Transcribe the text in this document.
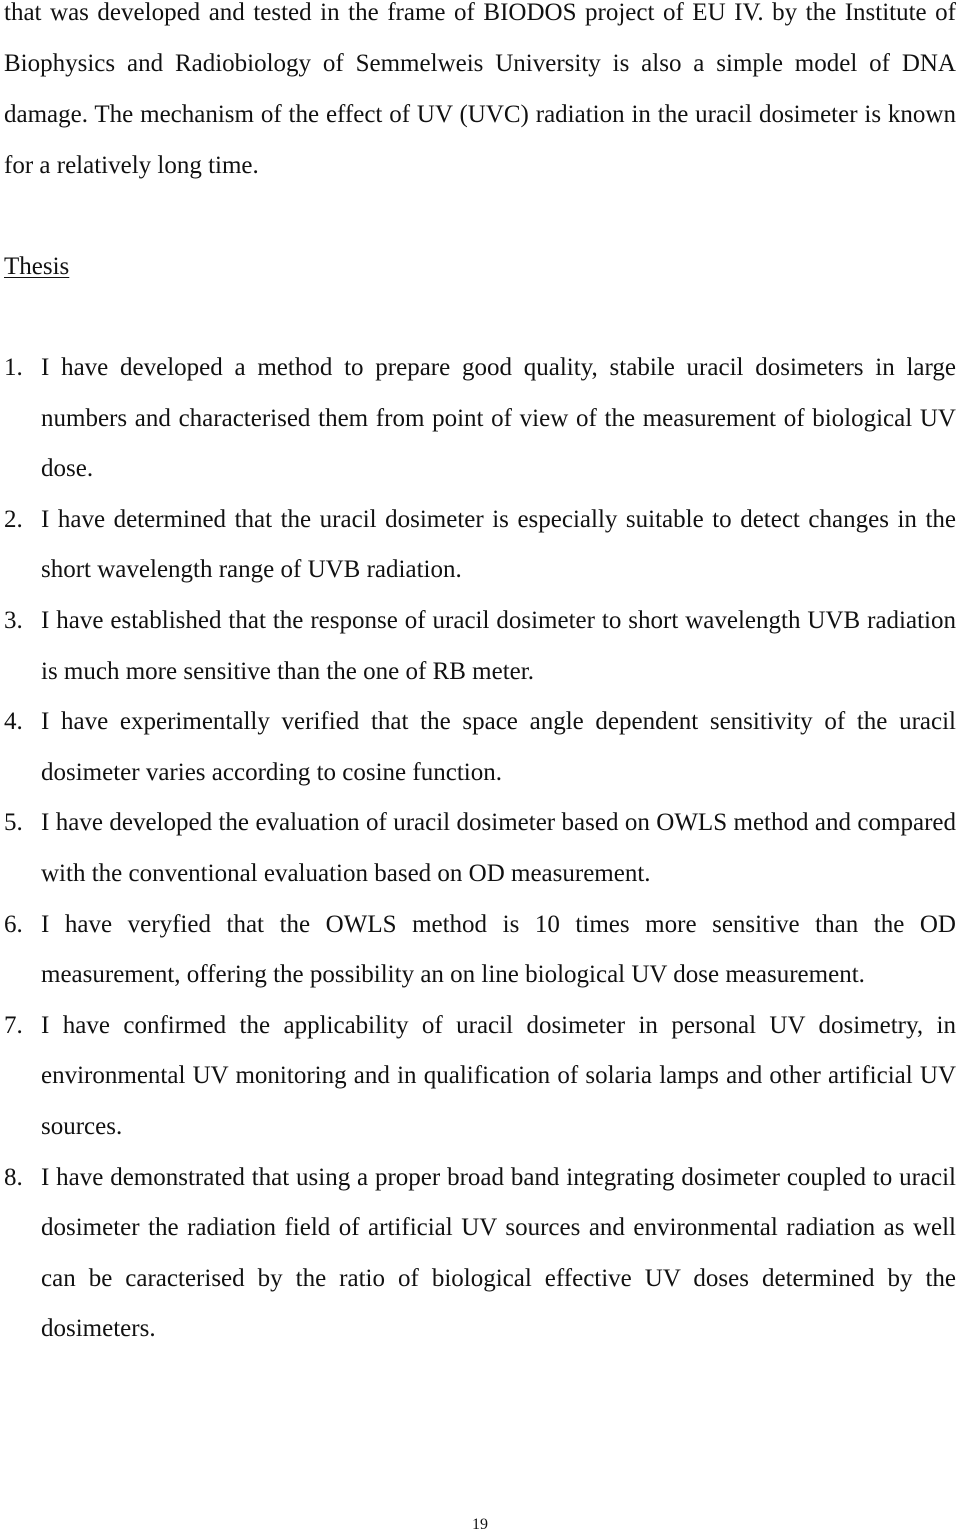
that was developed and tested in the frame of BIODOS project of EU IV. by the Institute of Biophysics and Radiobiology of Semmelweis University is also a simple model of DNA damage. The mechanism of the effect of UV (UVC) radiation in the uracil dosimeter is known for a relatively long time.

Thesis
1. I have developed a method to prepare good quality, stabile uracil dosimeters in large numbers and characterised them from point of view of the measurement of biological UV dose.
2. I have determined that the uracil dosimeter is especially suitable to detect changes in the short wavelength range of UVB radiation.
3. I have established that the response of uracil dosimeter to short wavelength UVB radiation is much more sensitive than the one of RB meter.
4. I have experimentally verified that the space angle dependent sensitivity of the uracil dosimeter varies according to cosine function.
5. I have developed the evaluation of uracil dosimeter based on OWLS method and compared with the conventional evaluation based on OD measurement.
6. I have veryfied that the OWLS method is 10 times more sensitive than the OD measurement, offering the possibility an on line biological UV dose measurement.
7. I have confirmed the applicability of uracil dosimeter in personal UV dosimetry, in environmental UV monitoring and in qualification of solaria lamps and other artificial UV sources.
8. I have demonstrated that using a proper broad band integrating dosimeter coupled to uracil dosimeter the radiation field of artificial UV sources and environmental radiation as well can be caracterised by the ratio of biological effective UV doses determined by the dosimeters.
19
